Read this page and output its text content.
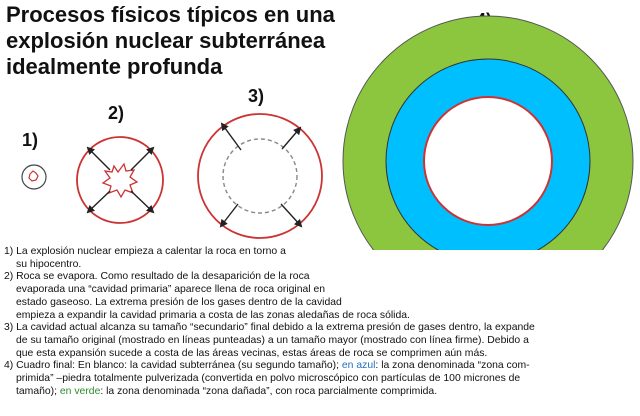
Procesos físicos típicos en una
explosión nuclear subterránea
idealmente profunda
1)
2)
3)

1) La explosión nuclear empieza a calentar la roca en torno a
su hipocentro.

2) Roca se evapora. Como resultado de la desaparición de la roca
evaporada una “cavidad primaria” aparece llena de roca original en
estado gaseoso. La extrema presión de los gases dentro de la cavidad
empieza a expandir la cavidad primaria a costa de las zonas aledañas de roca sólida.

3) La cavidad actual alcanza su tamaño “secundario” final debido a la extrema presión de gases dentro, la expande
de su tamaño original (mostrado en líneas punteadas) a un tamaño mayor (mostrado con línea firme). Debido a
que esta expansión sucede a costa de las áreas vecinas, estas áreas de roca se comprimen aún más.

4) Cuadro final: En blanco: la cavidad subterránea (su segundo tamaño); en azul: la zona denominada “zona com-
primida” –piedra totalmente pulverizada (convertida en polvo microscópico con partículas de 100 micrones de
tamaño); en verde: la zona denominada “zona dañada”, con roca parcialmente comprimida.
